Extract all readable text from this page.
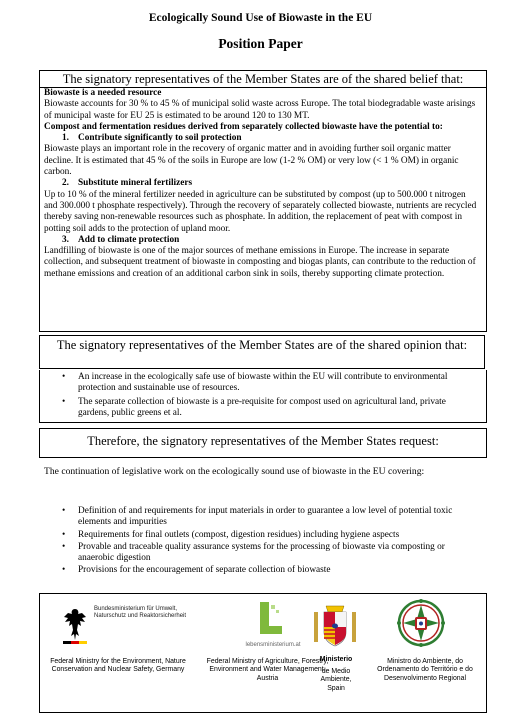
Ecologically Sound Use of Biowaste in the EU
Position Paper
The signatory representatives of the Member States are of the shared belief that:

Biowaste is a needed resource

Biowaste accounts for 30 % to 45 % of municipal solid waste across Europe. The total biodegradable waste arisings of municipal waste for EU 25 is estimated to be around 120 to 130 MT.

Compost and fermentation residues derived from separately collected biowaste have the potential to:

1. Contribute significantly to soil protection

Biowaste plays an important role in the recovery of organic matter and in avoiding further soil organic matter decline. It is estimated that 45 % of the soils in Europe are low (1-2 % OM) or very low (< 1 % OM) in organic carbon.

2. Substitute mineral fertilizers

Up to 10 % of the mineral fertilizer needed in agriculture can be substituted by compost (up to 500.000 t nitrogen and 300.000 t phosphate respectively). Through the recovery of separately collected biowaste, nutrients are recycled thereby saving non-renewable resources such as phosphate. In addition, the replacement of peat with compost in potting soil adds to the protection of upland moor.

3. Add to climate protection

Landfilling of biowaste is one of the major sources of methane emissions in Europe. The increase in separate collection, and subsequent treatment of biowaste in composting and biogas plants, can contribute to the reduction of methane emissions and creation of an additional carbon sink in soils, thereby supporting climate protection.

The signatory representatives of the Member States are of the shared opinion that:

• An increase in the ecologically safe use of biowaste within the EU will contribute to environmental protection and sustainable use of resources.

• The separate collection of biowaste is a pre-requisite for compost used on agricultural land, private gardens, public greens et al.

Therefore, the signatory representatives of the Member States request:
The continuation of legislative work on the ecologically sound use of biowaste in the EU covering:

• Definition of and requirements for input materials in order to guarantee a low level of potential toxic elements and impurities

• Requirements for final outlets (compost, digestion residues) including hygiene aspects

• Provable and traceable quality assurance systems for the processing of biowaste via composting or anaerobic digestion

• Provisions for the encouragement of separate collection of biowaste

Bundesministerium für Umwelt, Naturschutz und Reaktorsicherheit
Federal Ministry for the Environment, Nature Conservation and Nuclear Safety, Germany
lebensministerium.at
Federal Ministry of Agriculture, Forestry, Environment and Water Management, Austria
Ministerio
de Medio Ambiente, Spain
Ministro do Ambiente, do Ordenamento do Território e do Desenvolvimento Regional
